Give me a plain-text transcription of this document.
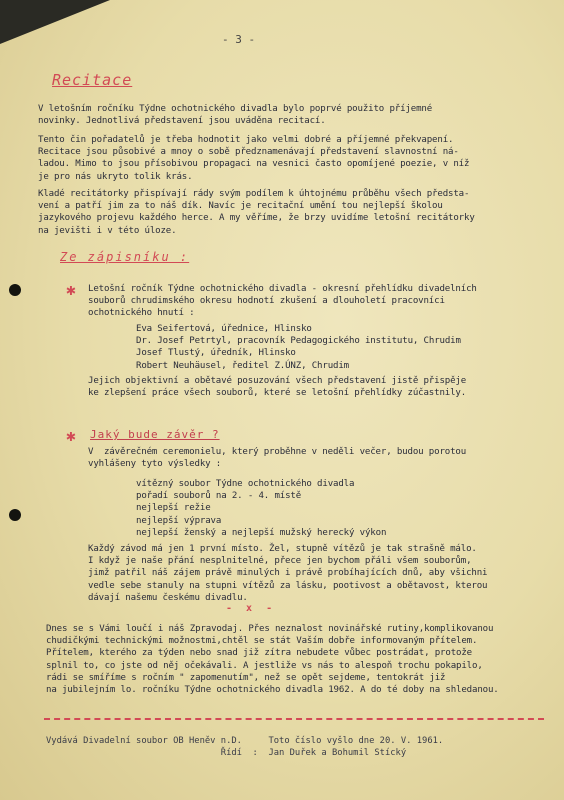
- 3 -
Recitace
V letošním ročníku Týdne ochotnického divadla bylo poprvé použito příjemné
novinky. Jednotlivá představení jsou uváděna recitací.
Tento čin pořadatelů je třeba hodnotit jako velmi dobré a příjemné překvapení.
Recitace jsou působivé a mnoy o sobě předznamenávají představení slavnostní ná-
ladou. Mimo to jsou přísobivou propagaci na vesnici často opomíjené poezie, v níž
je pro nás ukryto tolik krás.
Kladé recitátorky přispívají rády svým podílem k úhtojnému průběhu všech předsta-
vení a patří jim za to náš dík. Navíc je recitační umění tou nejlepší školou
jazykového projevu každého herce. A my věříme, že brzy uvidíme letošní recitátorky
na jevišti i v této úloze.
Ze zápisníku :
✱ Letošní ročník Týdne ochotnického divadla - okresní přehlídku divadelních
souborů chrudimského okresu hodnotí zkušení a dlouholetí pracovníci
ochotnického hnutí :
Eva Seifertová, úřednice, Hlinsko
Dr. Josef Petrtyl, pracovník Pedagogického institutu, Chrudim
Josef Tlustý, úředník, Hlinsko
Robert Neuhäusel, ředitel Z.ÚNZ, Chrudim
Jejich objektivní a obětavé posuzování všech představení jistě přispěje
ke zlepšení práce všech souborů, které se letošní přehlídky zúčastnily.
✱ Jaký bude závěr ?
V  závěrečném ceremonielu, který proběhne v neděli večer, budou porotou
vyhlášeny tyto výsledky :
vítězný soubor Týdne ochotnického divadla
pořadí souborů na 2. - 4. místě
nejlepší režie
nejlepší výprava
nejlepší ženský a nejlepší mužský herecký výkon
Každý závod má jen 1 první místo. Žel, stupně vítězů je tak strašně málo.
I když je naše přání nesplnitelné, přece jen bychom přáli všem souborům,
jimž patřil náš zájem právě minulých i právě probíhajících dnů, aby všichni
vedle sebe stanuly na stupni vítězů za lásku, pootivost a obětavost, kterou
dávají našemu českému divadlu.
- x -
Dnes se s Vámi loučí i náš Zpravodaj. Přes neznalost novinářské rutiny,komplikovanou
chudičkými technickými možnostmi,chtěl se stát Vaším dobře informovaným přítelem.
Přítelem, kterého za týden nebo snad již zítra nebudete vůbec postrádat, protože
splnil to, co jste od něj očekávali. A jestliže vs nás to alespoň trochu pokapilo,
rádi se smíříme s ročním " zapomenutím", než se opět sejdeme, tentokrát již
na jubilejním lo. ročníku Týdne ochotnického divadla 1962. A do té doby na shledanou.
Vydává Divadelní soubor OB Heněv n.D.     Toto číslo vyšlo dne 20. V. 1961.
Řídí  :  Jan Duřek a Bohumil Stícký
